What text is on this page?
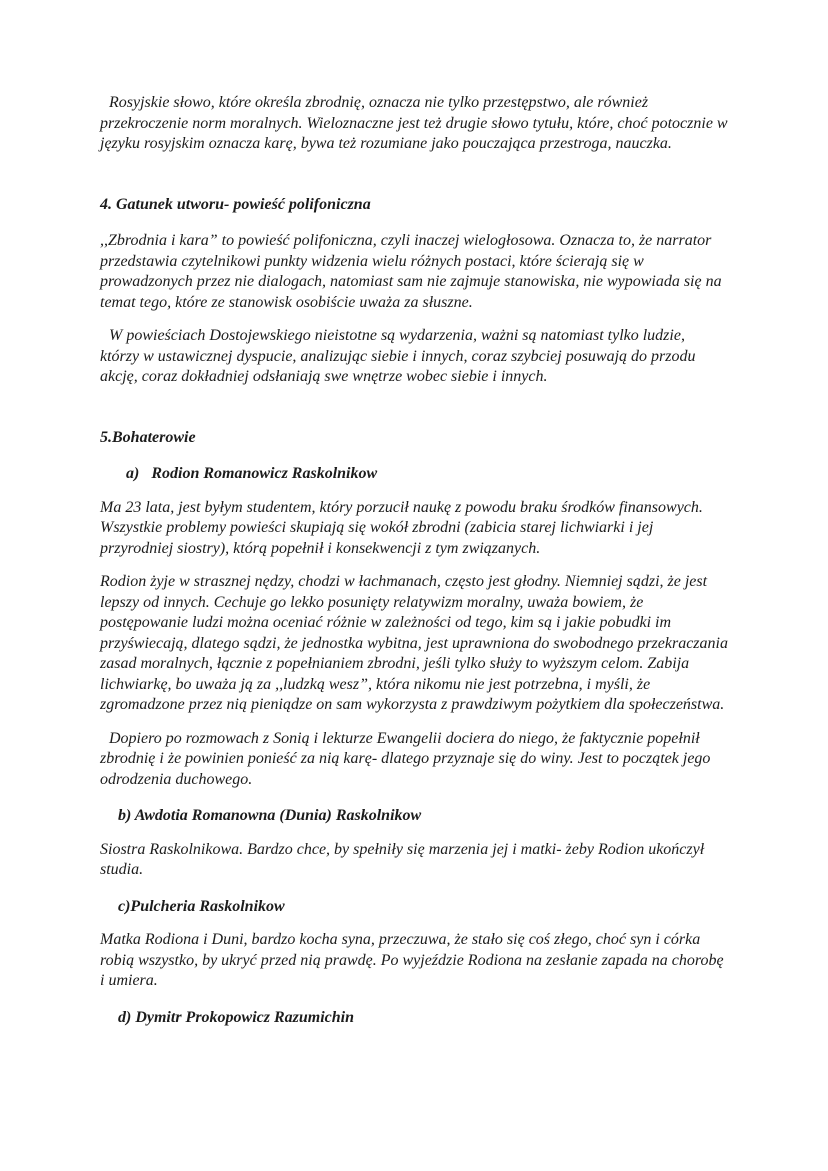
Rosyjskie słowo, które określa zbrodnię, oznacza nie tylko przestępstwo, ale również przekroczenie norm moralnych. Wieloznaczne jest też drugie słowo tytułu, które, choć potocznie w języku rosyjskim oznacza karę, bywa też rozumiane jako pouczająca przestroga, nauczka.

4. Gatunek utworu- powieść polifoniczna

,,Zbrodnia i kara” to powieść polifoniczna, czyli inaczej wielogłosowa. Oznacza to, że narrator przedstawia czytelnikowi punkty widzenia wielu różnych postaci, które ścierają się w prowadzonych przez nie dialogach, natomiast sam nie zajmuje stanowiska, nie wypowiada się na temat tego, które ze stanowisk osobiście uważa za słuszne.

W powieściach Dostojewskiego nieistotne są wydarzenia, ważni są natomiast tylko ludzie, którzy w ustawicznej dyspucie, analizując siebie i innych, coraz szybciej posuwają do przodu akcję, coraz dokładniej odsłaniają swe wnętrze wobec siebie i innych.

5.Bohaterowie
a)   Rodion Romanowicz Raskolnikow

Ma 23 lata, jest byłym studentem, który porzucił naukę z powodu braku środków finansowych. Wszystkie problemy powieści skupiają się wokół zbrodni (zabicia starej lichwiarki i jej przyrodniej siostry), którą popełnił i konsekwencji z tym związanych.

Rodion żyje w strasznej nędzy, chodzi w łachmanach, często jest głodny. Niemniej sądzi, że jest lepszy od innych. Cechuje go lekko posunięty relatywizm moralny, uważa bowiem, że postępowanie ludzi można oceniać różnie w zależności od tego, kim są i jakie pobudki im przyświecają, dlatego sądzi, że jednostka wybitna, jest uprawniona do swobodnego przekraczania zasad moralnych, łącznie z popełnianiem zbrodni, jeśli tylko służy to wyższym celom. Zabija lichwiarkę, bo uważa ją za ,,ludzką wesz”, która nikomu nie jest potrzebna, i myśli, że zgromadzone przez nią pieniądze on sam wykorzysta z prawdziwym pożytkiem dla społeczeństwa.

Dopiero po rozmowach z Sonią i lekturze Ewangelii dociera do niego, że faktycznie popełnił zbrodnię i że powinien ponieść za nią karę- dlatego przyznaje się do winy. Jest to początek jego odrodzenia duchowego.

b) Awdotia Romanowna (Dunia) Raskolnikow

Siostra Raskolnikowa. Bardzo chce, by spełniły się marzenia jej i matki- żeby Rodion ukończył studia.

c)Pulcheria Raskolnikow

Matka Rodiona i Duni, bardzo kocha syna, przeczuwa, że stało się coś złego, choć syn i córka robią wszystko, by ukryć przed nią prawdę. Po wyjeździe Rodiona na zesłanie zapada na chorobę i umiera.

d) Dymitr Prokopowicz Razumichin
